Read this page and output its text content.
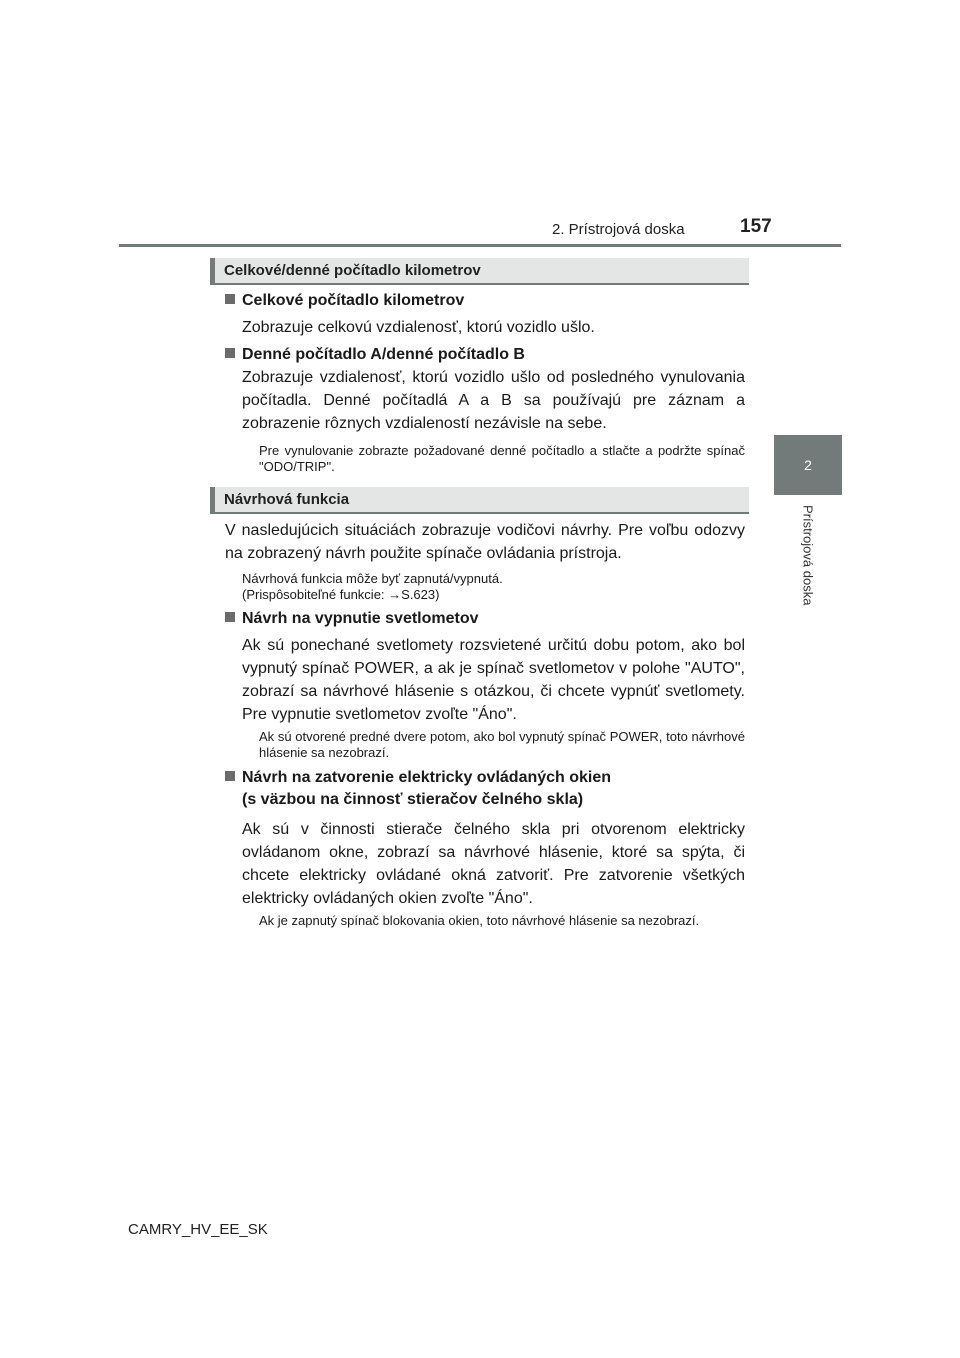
2. Prístrojová doska	157
2
Prístrojová doska
Celkové/denné počítadlo kilometrov
Celkové počítadlo kilometrov
Zobrazuje celkovú vzdialenosť, ktorú vozidlo ušlo.
Denné počítadlo A/denné počítadlo B
Zobrazuje vzdialenosť, ktorú vozidlo ušlo od posledného vynulovania počítadla. Denné počítadlá A a B sa používajú pre záznam a zobrazenie rôznych vzdialeností nezávisle na sebe.
Pre vynulovanie zobrazte požadované denné počítadlo a stlačte a podržte spínač "ODO/TRIP".
Návrhová funkcia
V nasledujúcich situáciách zobrazuje vodičovi návrhy. Pre voľbu odozvy na zobrazený návrh použite spínače ovládania prístroja.
Návrhová funkcia môže byť zapnutá/vypnutá.
(Prispôsobiteľné funkcie: →S.623)
Návrh na vypnutie svetlometov
Ak sú ponechané svetlomety rozsvietené určitú dobu potom, ako bol vypnutý spínač POWER, a ak je spínač svetlometov v polohe "AUTO", zobrazí sa návrhové hlásenie s otázkou, či chcete vypnúť svetlomety. Pre vypnutie svetlometov zvoľte "Áno".
Ak sú otvorené predné dvere potom, ako bol vypnutý spínač POWER, toto návrhové hlásenie sa nezobrazí.
Návrh na zatvorenie elektricky ovládaných okien
(s väzbou na činnosť stieračov čelného skla)
Ak sú v činnosti stierače čelného skla pri otvorenom elektricky ovládanom okne, zobrazí sa návrhové hlásenie, ktoré sa spýta, či chcete elektricky ovládané okná zatvoriť. Pre zatvorenie všetkých elektricky ovládaných okien zvoľte "Áno".
Ak je zapnutý spínač blokovania okien, toto návrhové hlásenie sa nezobrazí.
CAMRY_HV_EE_SK
